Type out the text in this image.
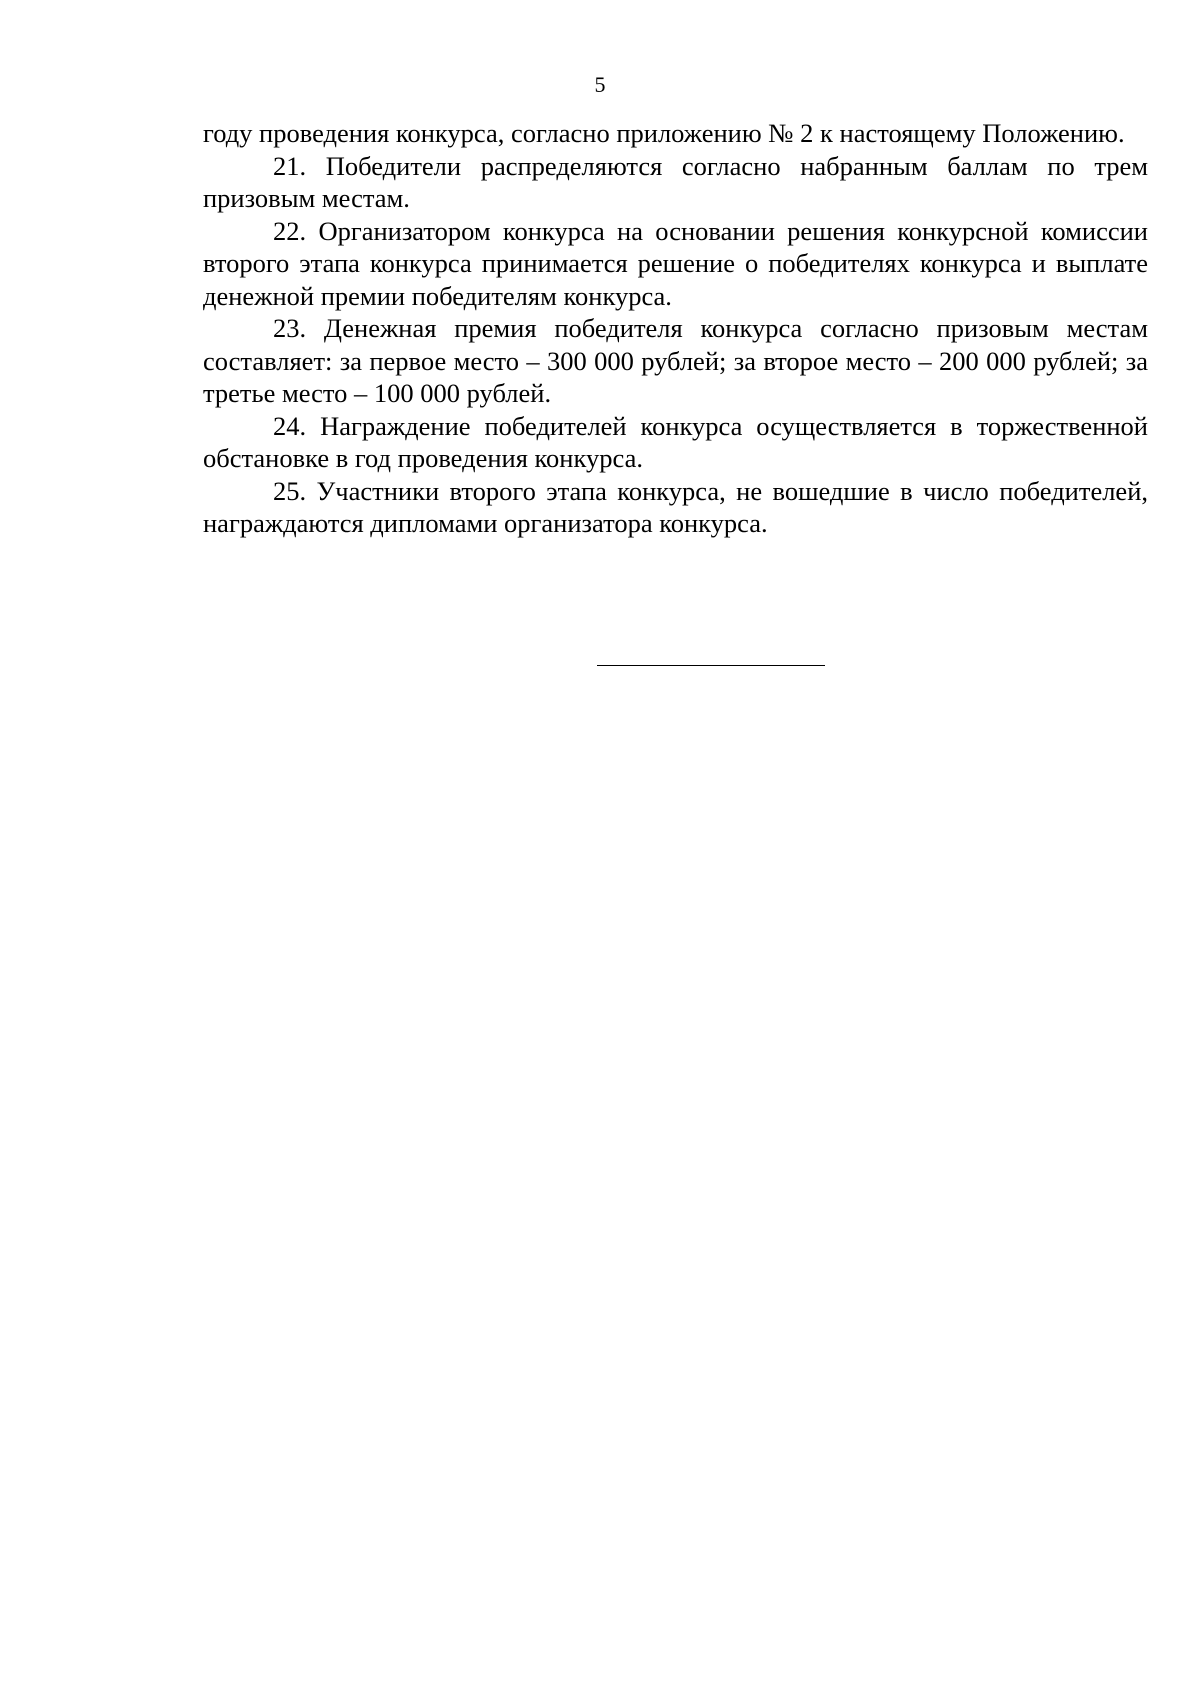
5

году проведения конкурса, согласно приложению № 2 к настоящему Положению.

21. Победители распределяются согласно набранным баллам по трем призовым местам.

22. Организатором конкурса на основании решения конкурсной комиссии второго этапа конкурса принимается решение о победителях конкурса и выплате денежной премии победителям конкурса.

23. Денежная премия победителя конкурса согласно призовым местам составляет: за первое место – 300 000 рублей; за второе место – 200 000 рублей; за третье место – 100 000 рублей.

24. Награждение победителей конкурса осуществляется в торжественной обстановке в год проведения конкурса.

25. Участники второго этапа конкурса, не вошедшие в число победителей, награждаются дипломами организатора конкурса.
